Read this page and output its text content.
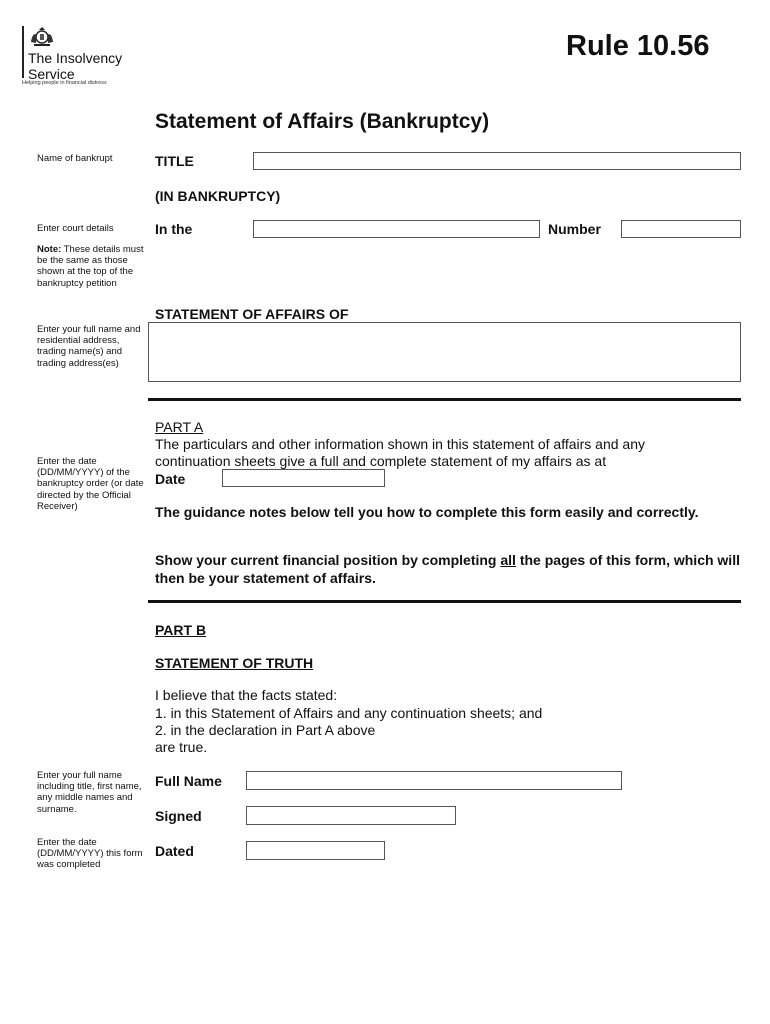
The Insolvency
Service
Helping people in financial distress
Rule 10.56
Statement of Affairs (Bankruptcy)
Name of bankrupt
Enter court details
Note: These details must be the same as those shown at the top of the bankruptcy petition
Enter your full name and residential address, trading name(s) and trading address(es)
Enter the date (DD/MM/YYYY) of the bankruptcy order (or date directed by the Official Receiver)
Enter your full name including title, first name, any middle names and surname.
Enter the date (DD/MM/YYYY) this form was completed
TITLE
(IN BANKRUPTCY)
In the	Number
STATEMENT OF AFFAIRS OF
PART A
The particulars and other information shown in this statement of affairs and any
continuation sheets give a full and complete statement of my affairs as at
Date
The guidance notes below tell you how to complete this form easily and correctly.
Show your current financial position by completing all the pages of this form, which will then be your statement of affairs.
PART B
STATEMENT OF TRUTH
I believe that the facts stated:
1. in this Statement of Affairs and any continuation sheets; and
2. in the declaration in Part A above
are true.
Full Name
Signed
Dated
